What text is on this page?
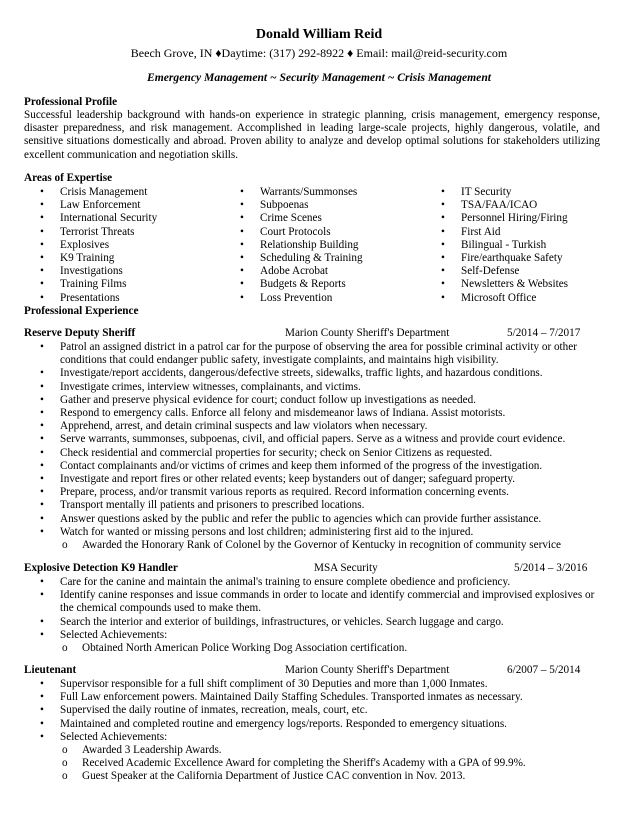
Donald William Reid
Beech Grove, IN ♦Daytime: (317) 292-8922 ♦ Email: mail@reid-security.com
Emergency Management ~ Security Management ~ Crisis Management
Professional Profile
Successful leadership background with hands-on experience in strategic planning, crisis management, emergency response, disaster preparedness, and risk management. Accomplished in leading large-scale projects, highly dangerous, volatile, and sensitive situations domestically and abroad. Proven ability to analyze and develop optimal solutions for stakeholders utilizing excellent communication and negotiation skills.
Areas of Expertise
• Crisis Management
• Law Enforcement
• International Security
• Terrorist Threats
• Explosives
• K9 Training
• Investigations
• Training Films
• Presentations
• Warrants/Summonses
• Subpoenas
• Crime Scenes
• Court Protocols
• Relationship Building
• Scheduling & Training
• Adobe Acrobat
• Budgets & Reports
• Loss Prevention
• IT Security
• TSA/FAA/ICAO
• Personnel Hiring/Firing
• First Aid
• Bilingual - Turkish
• Fire/earthquake Safety
• Self-Defense
• Newsletters & Websites
• Microsoft Office
Professional Experience
Reserve Deputy Sheriff	Marion County Sheriff's Department	5/2014 – 7/2017
• Patrol an assigned district in a patrol car for the purpose of observing the area for possible criminal activity or other conditions that could endanger public safety, investigate complaints, and maintains high visibility.
• Investigate/report accidents, dangerous/defective streets, sidewalks, traffic lights, and hazardous conditions.
• Investigate crimes, interview witnesses, complainants, and victims.
• Gather and preserve physical evidence for court; conduct follow up investigations as needed.
• Respond to emergency calls. Enforce all felony and misdemeanor laws of Indiana. Assist motorists.
• Apprehend, arrest, and detain criminal suspects and law violators when necessary.
• Serve warrants, summonses, subpoenas, civil, and official papers. Serve as a witness and provide court evidence.
• Check residential and commercial properties for security; check on Senior Citizens as requested.
• Contact complainants and/or victims of crimes and keep them informed of the progress of the investigation.
• Investigate and report fires or other related events; keep bystanders out of danger; safeguard property.
• Prepare, process, and/or transmit various reports as required. Record information concerning events.
• Transport mentally ill patients and prisoners to prescribed locations.
• Answer questions asked by the public and refer the public to agencies which can provide further assistance.
• Watch for wanted or missing persons and lost children; administering first aid to the injured.
o Awarded the Honorary Rank of Colonel by the Governor of Kentucky in recognition of community service
Explosive Detection K9 Handler	MSA Security	5/2014 – 3/2016
• Care for the canine and maintain the animal's training to ensure complete obedience and proficiency.
• Identify canine responses and issue commands in order to locate and identify commercial and improvised explosives or the chemical compounds used to make them.
• Search the interior and exterior of buildings, infrastructures, or vehicles. Search luggage and cargo.
• Selected Achievements:
o Obtained North American Police Working Dog Association certification.
Lieutenant	Marion County Sheriff's Department	6/2007 – 5/2014
• Supervisor responsible for a full shift compliment of 30 Deputies and more than 1,000 Inmates.
• Full Law enforcement powers. Maintained Daily Staffing Schedules. Transported inmates as necessary.
• Supervised the daily routine of inmates, recreation, meals, court, etc.
• Maintained and completed routine and emergency logs/reports. Responded to emergency situations.
• Selected Achievements:
o Awarded 3 Leadership Awards.
o Received Academic Excellence Award for completing the Sheriff's Academy with a GPA of 99.9%.
o Guest Speaker at the California Department of Justice CAC convention in Nov. 2013.
